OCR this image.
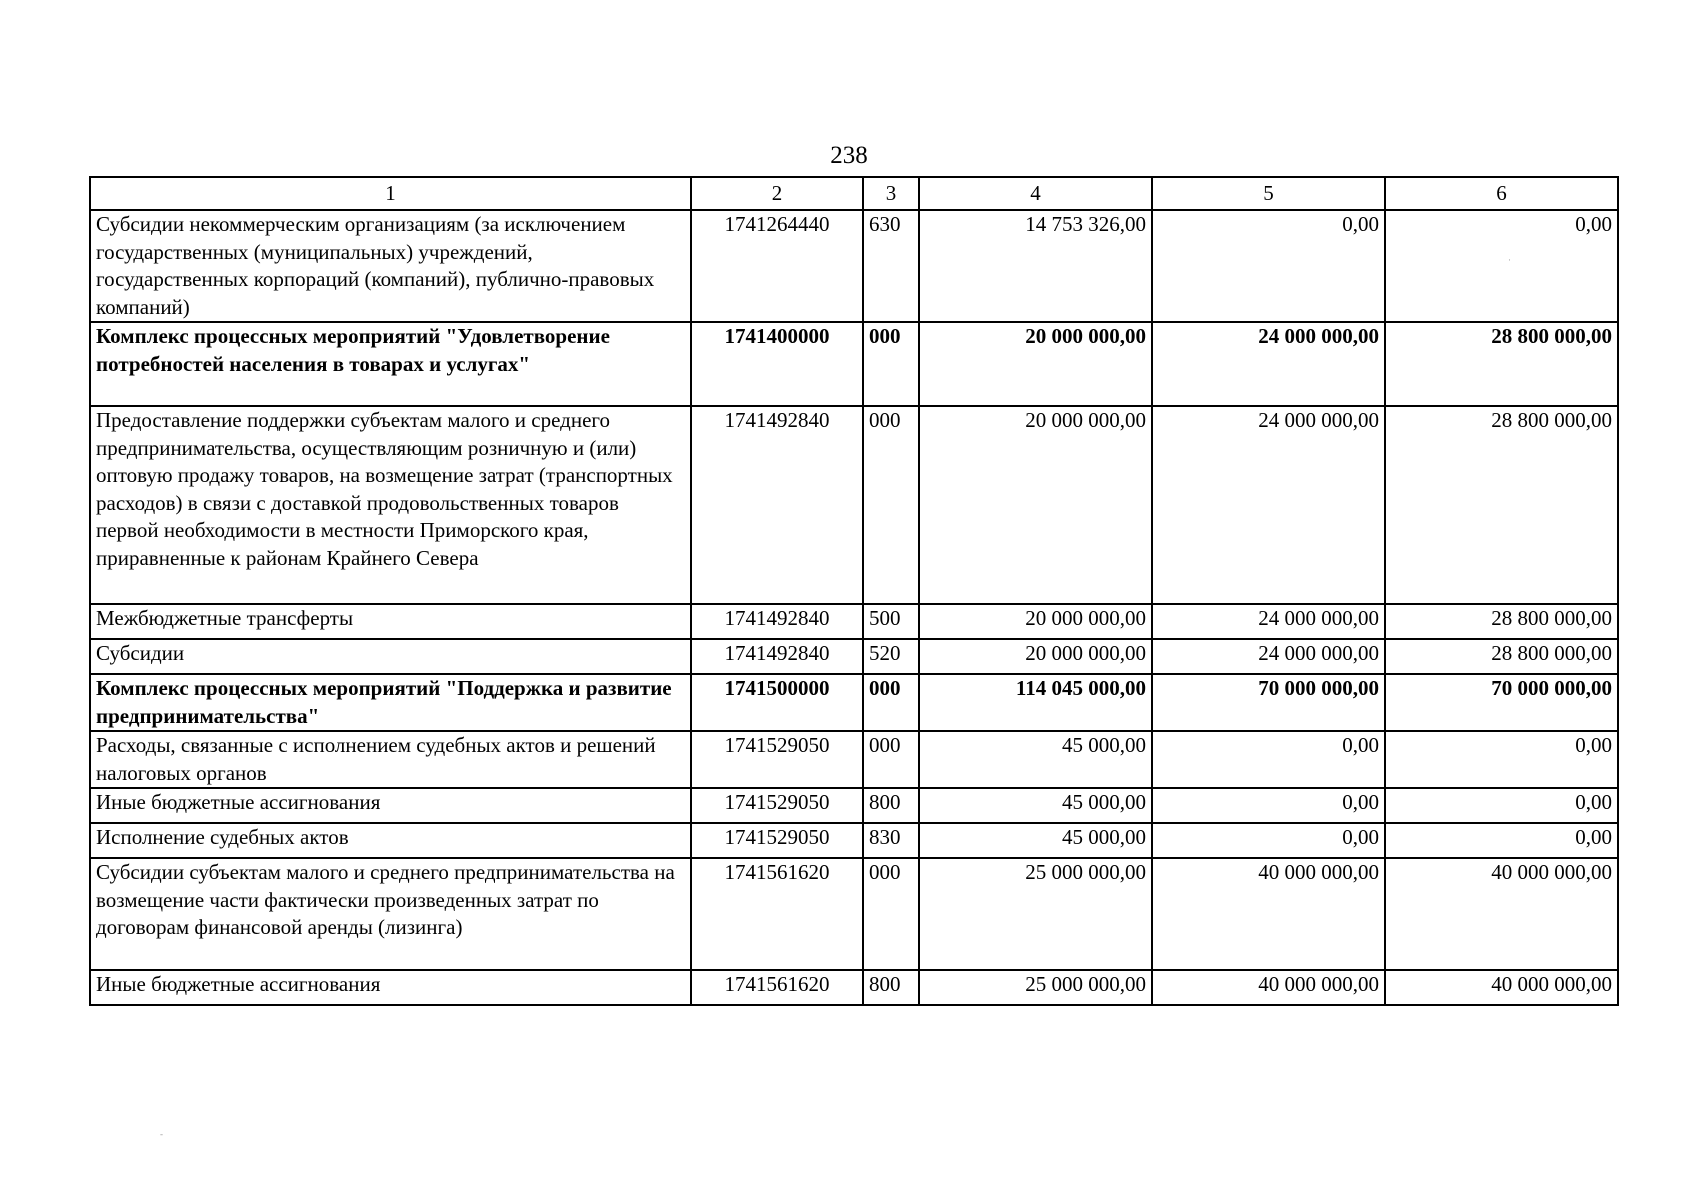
238
1	2	3	4	5	6
Субсидии некоммерческим организациям (за исключением государственных (муниципальных) учреждений, государственных корпораций (компаний), публично-правовых компаний)	1741264440	630	14 753 326,00	0,00	0,00
Комплекс процессных мероприятий "Удовлетворение потребностей населения в товарах и услугах"	1741400000	000	20 000 000,00	24 000 000,00	28 800 000,00
Предоставление поддержки субъектам малого и среднего предпринимательства, осуществляющим розничную и (или) оптовую продажу товаров, на возмещение затрат (транспортных расходов) в связи с доставкой продовольственных товаров первой необходимости в местности Приморского края, приравненные к районам Крайнего Севера	1741492840	000	20 000 000,00	24 000 000,00	28 800 000,00
Межбюджетные трансферты	1741492840	500	20 000 000,00	24 000 000,00	28 800 000,00
Субсидии	1741492840	520	20 000 000,00	24 000 000,00	28 800 000,00
Комплекс процессных мероприятий "Поддержка и развитие предпринимательства"	1741500000	000	114 045 000,00	70 000 000,00	70 000 000,00
Расходы, связанные с исполнением судебных актов и решений налоговых органов	1741529050	000	45 000,00	0,00	0,00
Иные бюджетные ассигнования	1741529050	800	45 000,00	0,00	0,00
Исполнение судебных актов	1741529050	830	45 000,00	0,00	0,00
Субсидии субъектам малого и среднего предпринимательства на возмещение части фактически произведенных затрат по договорам финансовой аренды (лизинга)	1741561620	000	25 000 000,00	40 000 000,00	40 000 000,00
Иные бюджетные ассигнования	1741561620	800	25 000 000,00	40 000 000,00	40 000 000,00
·
-
